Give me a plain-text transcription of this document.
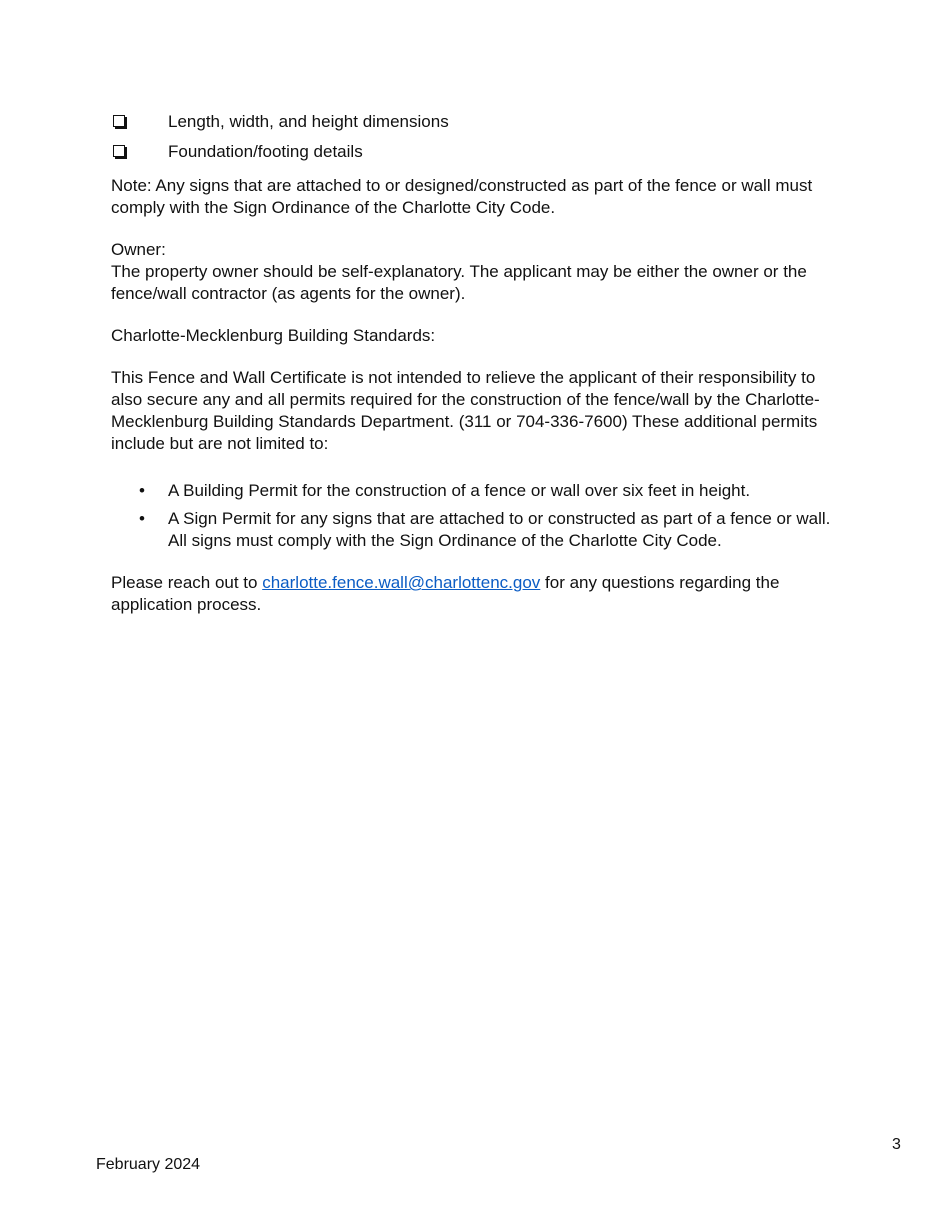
Length, width, and height dimensions
Foundation/footing details

Note: Any signs that are attached to or designed/constructed as part of the fence or wall must comply with the Sign Ordinance of the Charlotte City Code.

Owner:

The property owner should be self-explanatory. The applicant may be either the owner or the fence/wall contractor (as agents for the owner).

Charlotte-Mecklenburg Building Standards:

This Fence and Wall Certificate is not intended to relieve the applicant of their responsibility to also secure any and all permits required for the construction of the fence/wall by the Charlotte-Mecklenburg Building Standards Department. (311 or 704-336-7600) These additional permits include but are not limited to:

• A Building Permit for the construction of a fence or wall over six feet in height.
• A Sign Permit for any signs that are attached to or constructed as part of a fence or wall. All signs must comply with the Sign Ordinance of the Charlotte City Code.

Please reach out to charlotte.fence.wall@charlottenc.gov for any questions regarding the application process.

3
February 2024
